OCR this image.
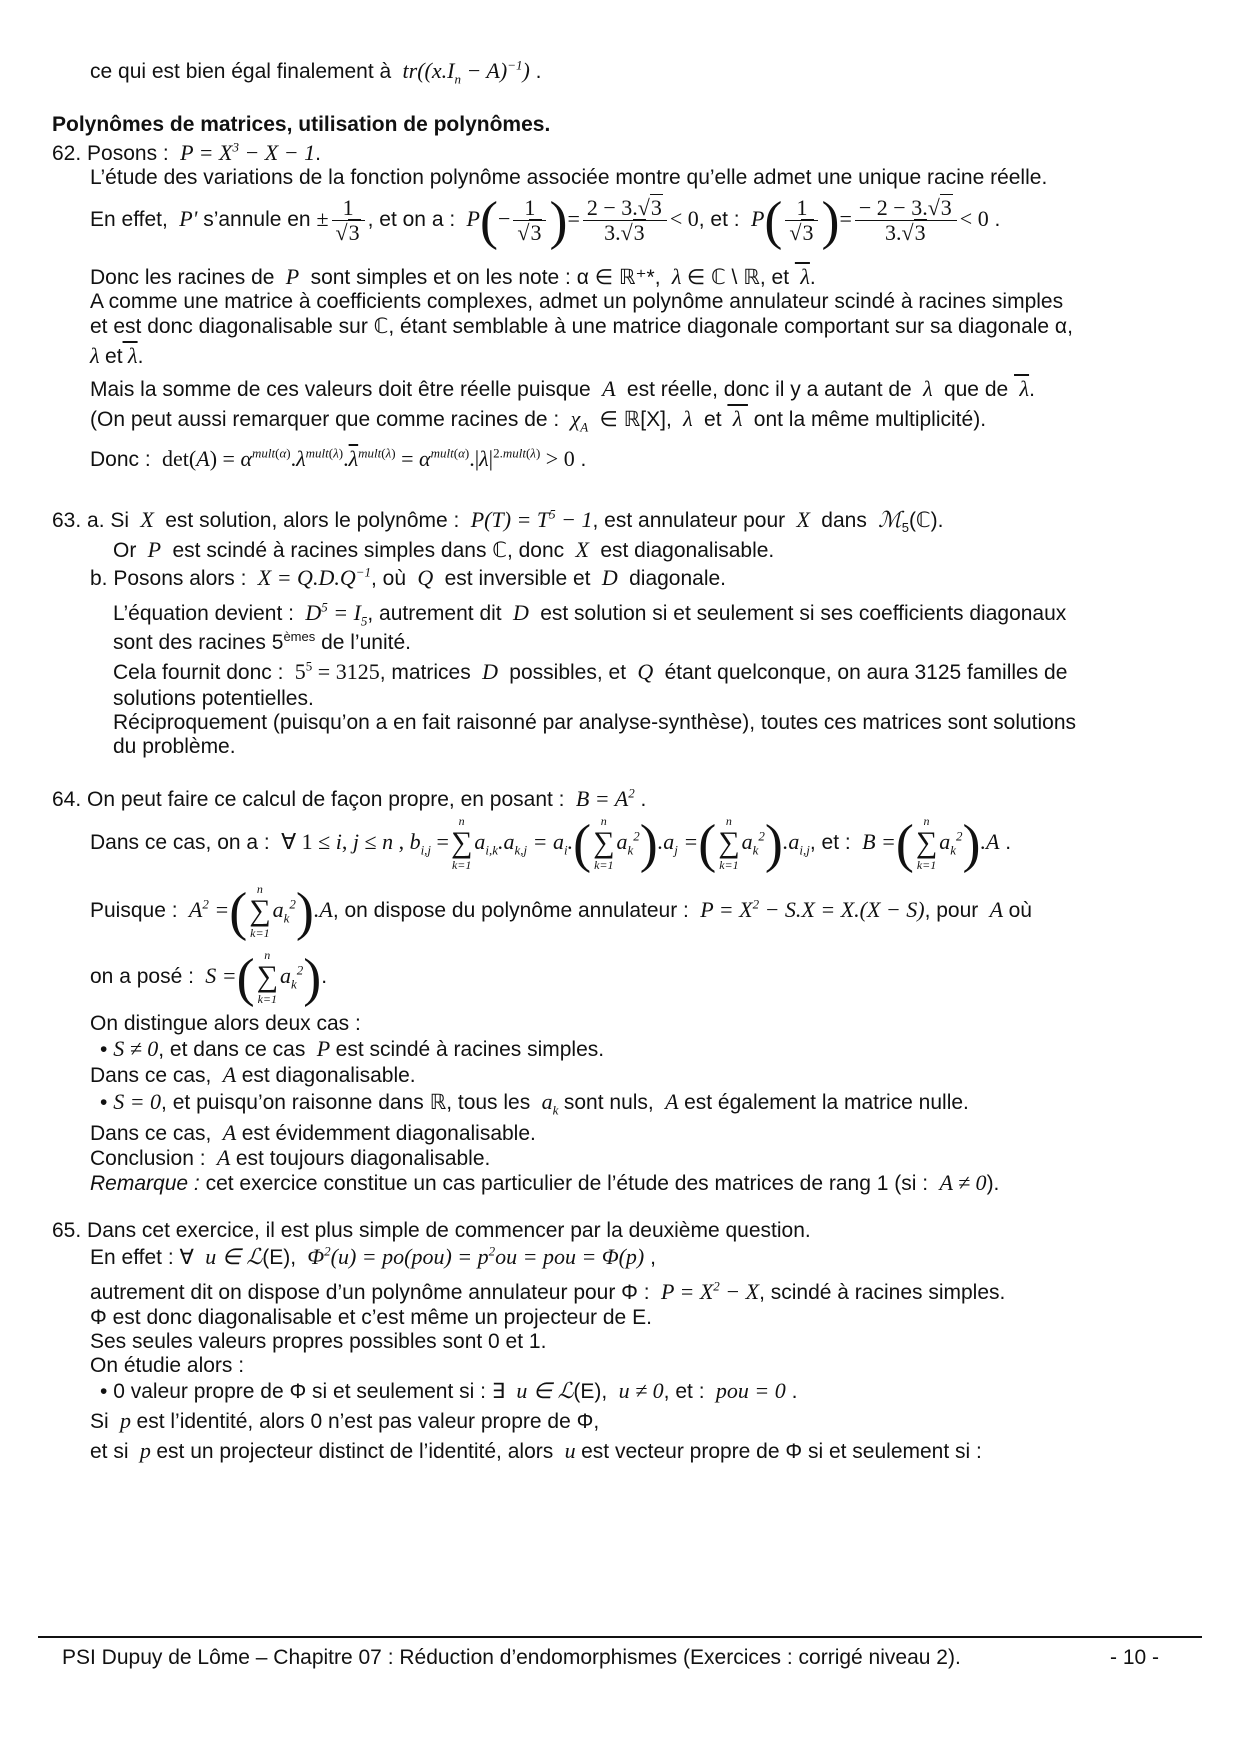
ce qui est bien égal finalement à  $tr((x.I_n - A)^{-1})$ .
Polynômes de matrices, utilisation de polynômes.
62. Posons :  $P = X^3 - X - 1$.
L’étude des variations de la fonction polynôme associée montre qu’elle admet une unique racine réelle.
En effet,  P' s’annule en ± $\frac{1}{√3}$ , et on a :  $P(- \frac{1}{√3}$ )= $\frac{2 - 3.√3}{3.√3} < 0$, et :  $P( \frac{1}{√3}$ )= $\frac{- 2 - 3.√3}{3.√3} < 0$ .
Donc les racines de  P  sont simples et on les note : α ∈ ℝ⁺*,  λ ∈ ℂ \ ℝ, et  λ.
A comme une matrice à coefficients complexes, admet un polynôme annulateur scindé à racines simples
et est donc diagonalisable sur ℂ, étant semblable à une matrice diagonale comportant sur sa diagonale α,
λ et λ.
Mais la somme de ces valeurs doit être réelle puisque  A  est réelle, donc il y a autant de  λ  que de  λ.
(On peut aussi remarquer que comme racines de :  $\chi_A$ ∈ ℝ[X],  λ  et  λ  ont la même multiplicité).
Donc :  $\det(A) = \alpha^{mult(\alpha)}.\lambda^{mult(\lambda)}.\overline{\lambda}^{mult(\lambda)} = \alpha^{mult(\alpha)}.|\lambda|^{2.mult(\lambda)} > 0$ .
63. a. Si  X  est solution, alors le polynôme :  $P(T) = T^5 - 1$, est annulateur pour  X  dans  ℳ$_5$(ℂ).
Or  P  est scindé à racines simples dans ℂ, donc  X  est diagonalisable.
b. Posons alors :  $X = Q.D.Q^{-1}$, où  Q  est inversible et  D  diagonale.
L’équation devient :  $D^5 = I_5$, autrement dit  D  est solution si et seulement si ses coefficients diagonaux
sont des racines 5èmes de l’unité.
Cela fournit donc :  $5^5 = 3125$, matrices  D  possibles, et  Q  étant quelconque, on aura 3125 familles de
solutions potentielles.
Réciproquement (puisqu’on a en fait raisonné par analyse-synthèse), toutes ces matrices sont solutions
du problème.
64. On peut faire ce calcul de façon propre, en posant :  $B = A^2$ .
Dans ce cas, on a :  ∀ 1 ≤ i, j ≤ n , $b_{i,j}$ =
n
∑
k=1
$a_{i,k}.a_{k,j} = a_i$.( n
∑
k=1
$a_k^2).a_j$ =( n
∑
k=1
$a_k^2).a_{i,j}$, et :  B =( n
∑
k=1
$a_k^2).A$ .
Puisque :  $A^2$ =( n
∑
k=1
$a_k^2).A$, on dispose du polynôme annulateur :  $P = X^2 - S.X = X.(X - S)$, pour  A où
on a posé :  S =( n
∑
k=1
$a_k^2$).
On distingue alors deux cas :
• S ≠ 0, et dans ce cas  P est scindé à racines simples.
Dans ce cas,  A est diagonalisable.
• S = 0, et puisqu’on raisonne dans ℝ, tous les  $a_k$ sont nuls,  A est également la matrice nulle.
Dans ce cas,  A est évidemment diagonalisable.
Conclusion :  A est toujours diagonalisable.
Remarque : cet exercice constitue un cas particulier de l’étude des matrices de rang 1 (si :  A ≠ 0).
65. Dans cet exercice, il est plus simple de commencer par la deuxième question.
En effet : ∀  u ∈ ℒ(E),  $\Phi^2(u) = po(pou) = p^2ou$ = pou = Φ(p) ,
autrement dit on dispose d’un polynôme annulateur pour Φ :  $P = X^2 - X$, scindé à racines simples.
Φ est donc diagonalisable et c’est même un projecteur de E.
Ses seules valeurs propres possibles sont 0 et 1.
On étudie alors :
• 0 valeur propre de Φ si et seulement si : ∃  u ∈ ℒ(E),  u ≠ 0, et :  pou = 0 .
Si  p est l’identité, alors 0 n’est pas valeur propre de Φ,
et si  p est un projecteur distinct de l’identité, alors  u est vecteur propre de Φ si et seulement si :
PSI Dupuy de Lôme – Chapitre 07 : Réduction d’endomorphismes (Exercices : corrigé niveau 2).	- 10 -
